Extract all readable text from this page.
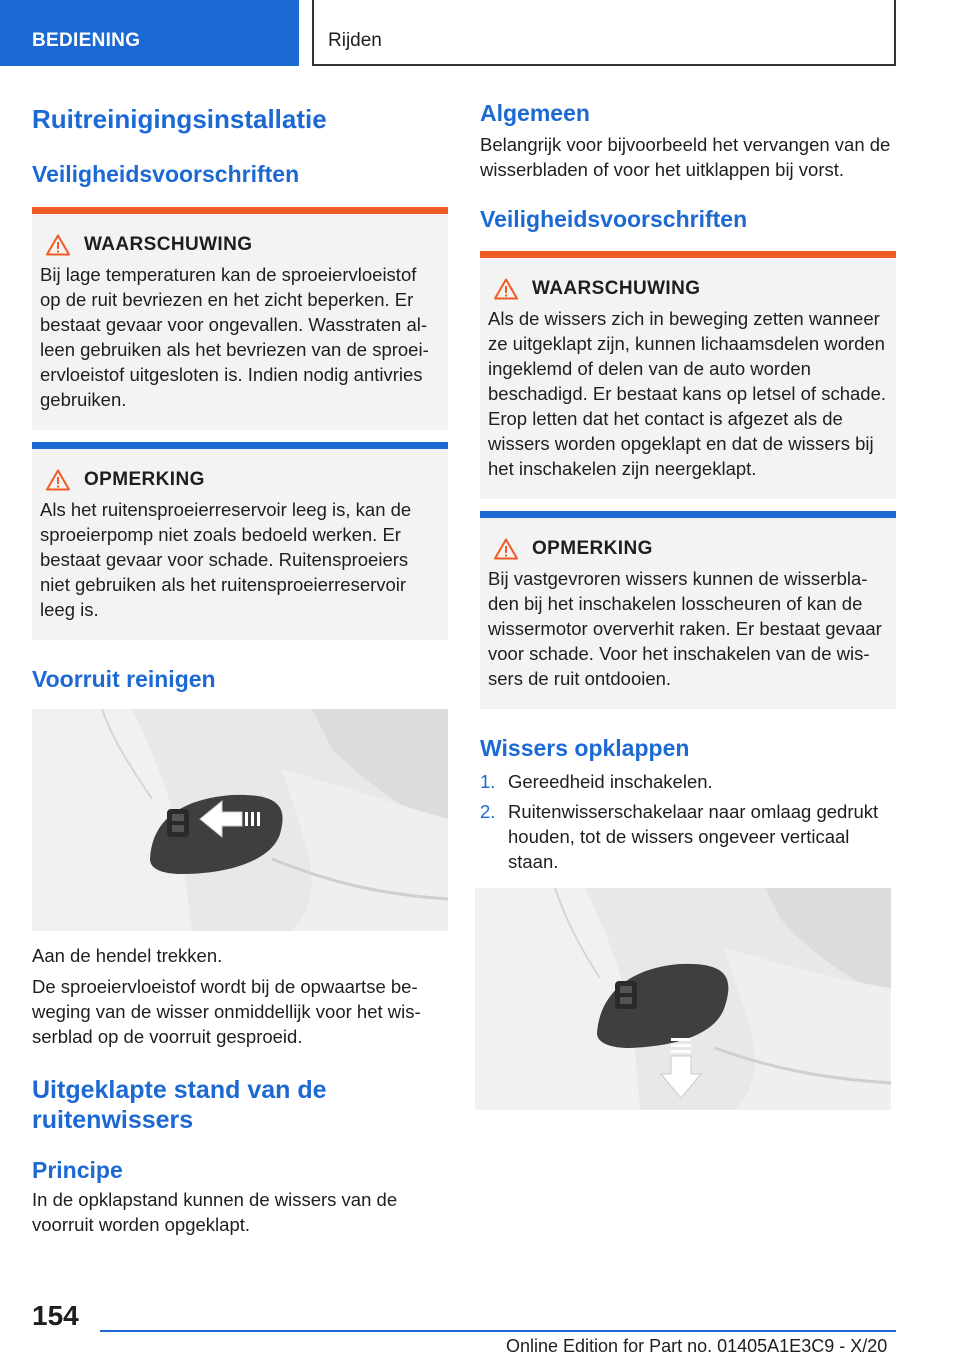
BEDIENING	Rijden
Ruitreinigingsinstallatie
Veiligheidsvoorschriften
WAARSCHUWING

Bij lage temperaturen kan de sproeiervloeistof op de ruit bevriezen en het zicht beperken. Er bestaat gevaar voor ongevallen. Wasstraten alleen gebruiken als het bevriezen van de sproeiervloeistof uitgesloten is. Indien nodig antivries gebruiken.

OPMERKING

Als het ruitensproeierreservoir leeg is, kan de sproeierpomp niet zoals bedoeld werken. Er bestaat gevaar voor schade. Ruitensproeiers niet gebruiken als het ruitensproeierreservoir leeg is.

Voorruit reinigen

Aan de hendel trekken.

De sproeiervloeistof wordt bij de opwaartse beweging van de wisser onmiddellijk voor het wisserblad op de voorruit gesproeid.

Uitgeklapte stand van de ruitenwissers
Principe

In de opklapstand kunnen de wissers van de voorruit worden opgeklapt.

Algemeen

Belangrijk voor bijvoorbeeld het vervangen van de wisserbladen of voor het uitklappen bij vorst.

Veiligheidsvoorschriften
WAARSCHUWING

Als de wissers zich in beweging zetten wanneer ze uitgeklapt zijn, kunnen lichaamsdelen worden ingeklemd of delen van de auto worden beschadigd. Er bestaat kans op letsel of schade. Erop letten dat het contact is afgezet als de wissers worden opgeklapt en dat de wissers bij het inschakelen zijn neergeklapt.

OPMERKING

Bij vastgevroren wissers kunnen de wisserbladen bij het inschakelen losscheuren of kan de wissermotor oververhit raken. Er bestaat gevaar voor schade. Voor het inschakelen van de wissers de ruit ontdooien.

Wissers opklappen
1. Gereedheid inschakelen.
2. Ruitenwisserschakelaar naar omlaag gedrukt houden, tot de wissers ongeveer verticaal staan.
154
Online Edition for Part no. 01405A1E3C9 - X/20
